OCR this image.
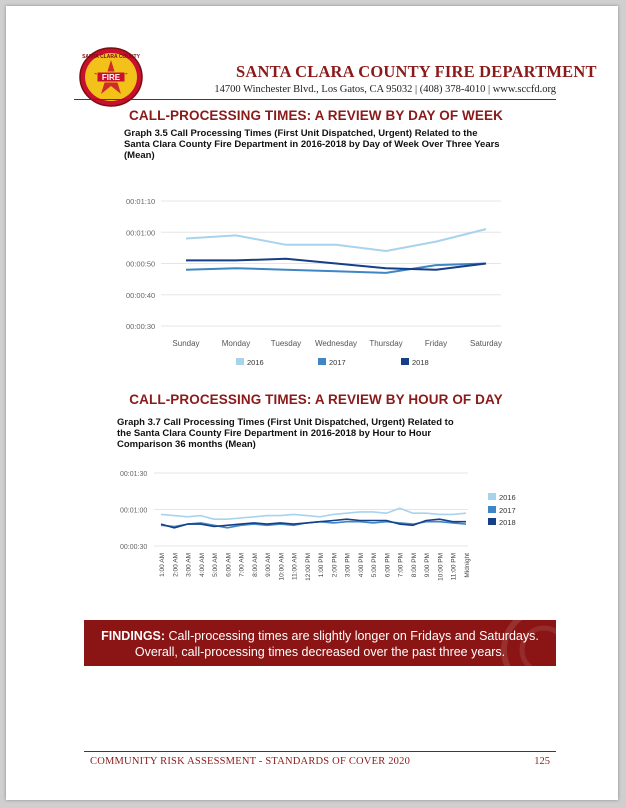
FIRE
SANTA CLARA COUNTY
SANTA CLARA COUNTY FIRE DEPARTMENT
14700 Winchester Blvd., Los Gatos, CA 95032 | (408) 378-4010 | www.sccfd.org
CALL-PROCESSING TIMES: A REVIEW BY DAY OF WEEK
Graph 3.5 Call Processing Times (First Unit Dispatched, Urgent) Related to the
Santa Clara County Fire Department in 2016-2018 by Day of Week Over Three Years
(Mean)
00:01:10
00:01:00
00:00:50
00:00:40
00:00:30
Sunday	Monday	Tuesday Wednesday Thursday	Friday	Saturday
2016	2017	2018
CALL-PROCESSING TIMES: A REVIEW BY HOUR OF DAY
Graph 3.7 Call Processing Times (First Unit Dispatched, Urgent) Related to
the Santa Clara County Fire Department in 2016-2018 by Hour to Hour
Comparison 36 months (Mean)
00:01:30
00:01:00
00:00:30
1:00 AM 2:00 AM 3:00 AM 4:00 AM 5:00 AM 6:00 AM 7:00 AM 8:00 AM 9:00 AM 10:00 AM 11:00 AM 12:00 PM 1:00 PM 2:00 PM 3:00 PM 4:00 PM 5:00 PM 6:00 PM 7:00 PM 8:00 PM 9:00 PM 10:00 PM 11:00 PM Midnight
2016
2017
2018
FINDINGS: Call-processing times are slightly longer on Fridays and Saturdays.
Overall, call-processing times decreased over the past three years.
COMMUNITY RISK ASSESSMENT - STANDARDS OF COVER 2020	125
